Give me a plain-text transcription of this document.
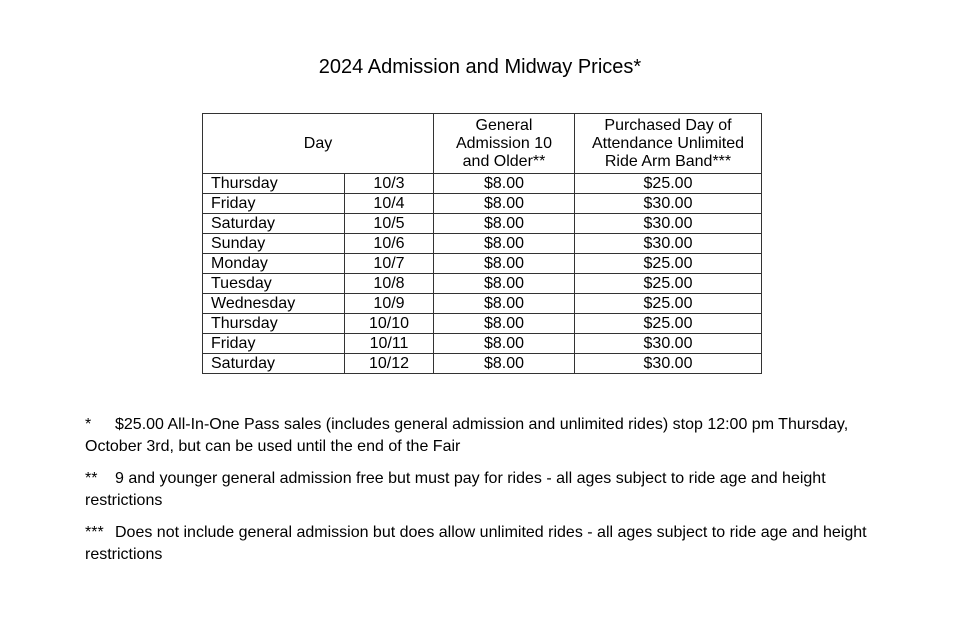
2024 Admission and Midway Prices*
Day		General
Admission 10
and Older**	Purchased Day of
Attendance Unlimited
Ride Arm Band***

Thursday	10/3	$8.00	$25.00
Friday	10/4	$8.00	$30.00
Saturday	10/5	$8.00	$30.00
Sunday	10/6	$8.00	$30.00
Monday	10/7	$8.00	$25.00
Tuesday	10/8	$8.00	$25.00
Wednesday	10/9	$8.00	$25.00
Thursday	10/10	$8.00	$25.00
Friday	10/11	$8.00	$30.00
Saturday	10/12	$8.00	$30.00

* $25.00 All-In-One Pass sales (includes general admission and unlimited rides) stop 12:00 pm Thursday, October 3rd, but can be used until the end of the Fair

** 9 and younger general admission free but must pay for rides - all ages subject to ride age and height restrictions

*** Does not include general admission but does allow unlimited rides - all ages subject to ride age and height restrictions
